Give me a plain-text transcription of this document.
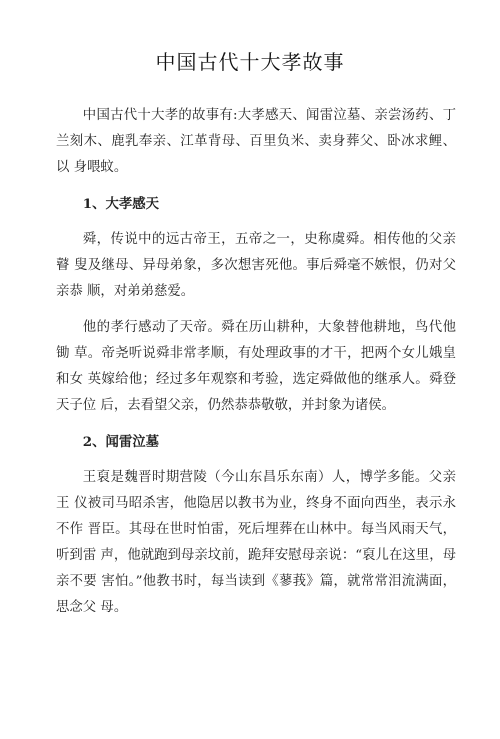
中国古代十大孝故事

中国古代十大孝的故事有:大孝感天、闻雷泣墓、亲尝汤药、丁 兰刻木、鹿乳奉亲、江革背母、百里负米、卖身葬父、卧冰求鲤、以 身喂蚊。

1、大孝感天

舜，传说中的远古帝王，五帝之一，史称虞舜。相传他的父亲瞽 叟及继母、异母弟象，多次想害死他。事后舜毫不嫉恨，仍对父亲恭 顺，对弟弟慈爱。

他的孝行感动了天帝。舜在历山耕种，大象替他耕地，鸟代他锄 草。帝尧听说舜非常孝顺，有处理政事的才干，把两个女儿娥皇和女 英嫁给他；经过多年观察和考验，选定舜做他的继承人。舜登天子位 后，去看望父亲，仍然恭恭敬敬，并封象为诸侯。

2、闻雷泣墓

王裒是魏晋时期营陵（今山东昌乐东南）人，博学多能。父亲王 仪被司马昭杀害，他隐居以教书为业，终身不面向西坐，表示永不作 晋臣。其母在世时怕雷，死后埋葬在山林中。每当风雨天气，听到雷 声，他就跑到母亲坟前，跪拜安慰母亲说：“裒儿在这里，母亲不要 害怕。”他教书时，每当读到《蓼莪》篇，就常常泪流满面，思念父 母。
